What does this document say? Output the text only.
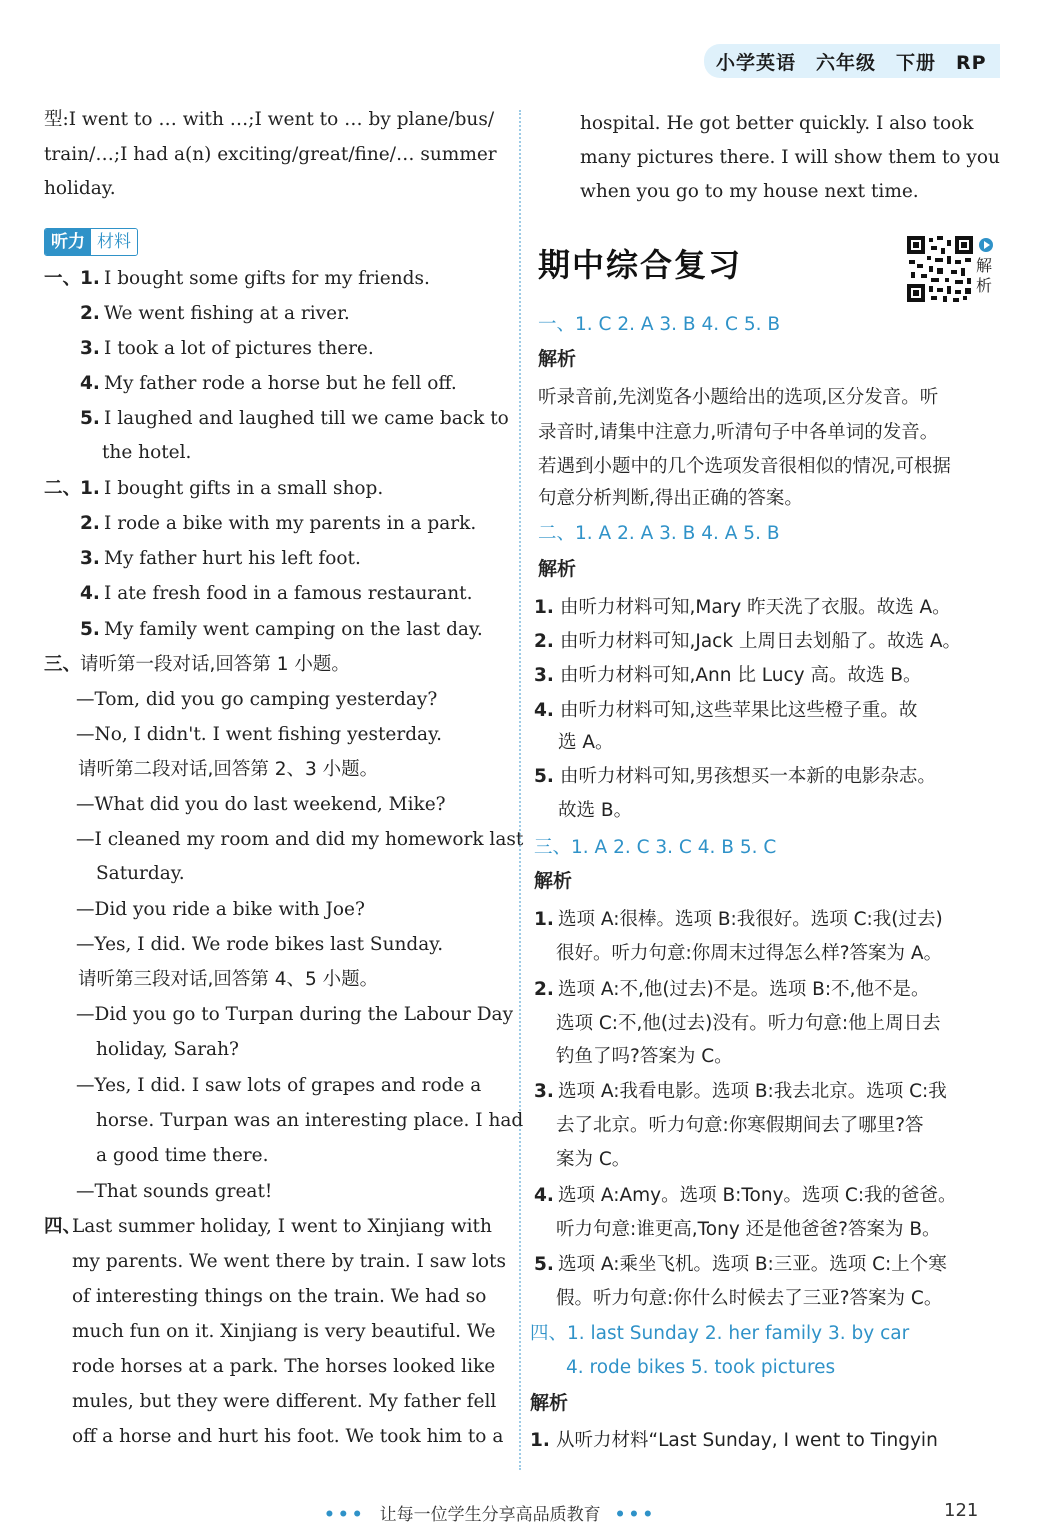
小学英语 六年级 下册 RP
型:I went to … with …;I went to … by plane/bus/
train/…;I had a(n) exciting/great/fine/… summer
holiday.
听力 材料
一、
1. I bought some gifts for my friends.
2. We went fishing at a river.
3. I took a lot of pictures there.
4. My father rode a horse but he fell off.
5. I laughed and laughed till we came back to
the hotel.
二、
1. I bought gifts in a small shop.
2. I rode a bike with my parents in a park.
3. My father hurt his left foot.
4. I ate fresh food in a famous restaurant.
5. My family went camping on the last day.
三、
请听第一段对话,回答第 1 小题。
—Tom, did you go camping yesterday?
—No, I didn't. I went fishing yesterday.
请听第二段对话,回答第 2、3 小题。
—What did you do last weekend, Mike?
—I cleaned my room and did my homework last
Saturday.
—Did you ride a bike with Joe?
—Yes, I did. We rode bikes last Sunday.
请听第三段对话,回答第 4、5 小题。
—Did you go to Turpan during the Labour Day
holiday, Sarah?
—Yes, I did. I saw lots of grapes and rode a
horse. Turpan was an interesting place. I had
a good time there.
—That sounds great!
四、
Last summer holiday, I went to Xinjiang with
my parents. We went there by train. I saw lots
of interesting things on the train. We had so
much fun on it. Xinjiang is very beautiful. We
rode horses at a park. The horses looked like
mules, but they were different. My father fell
off a horse and hurt his foot. We took him to a
hospital. He got better quickly. I also took
many pictures there. I will show them to you
when you go to my house next time.
期中综合复习	解析
一、1. C 2. A 3. B 4. C 5. B
解析
听录音前,先浏览各小题给出的选项,区分发音。听
录音时,请集中注意力,听清句子中各单词的发音。
若遇到小题中的几个选项发音很相似的情况,可根据
句意分析判断,得出正确的答案。
二、1. A 2. A 3. B 4. A 5. B
解析
1. 由听力材料可知,Mary 昨天洗了衣服。故选 A。
2. 由听力材料可知,Jack 上周日去划船了。故选 A。
3. 由听力材料可知,Ann 比 Lucy 高。故选 B。
4. 由听力材料可知,这些苹果比这些橙子重。故
选 A。
5. 由听力材料可知,男孩想买一本新的电影杂志。
故选 B。
三、1. A 2. C 3. C 4. B 5. C
解析
1. 选项 A:很棒。选项 B:我很好。选项 C:我(过去)
很好。听力句意:你周末过得怎么样?答案为 A。
2. 选项 A:不,他(过去)不是。选项 B:不,他不是。
选项 C:不,他(过去)没有。听力句意:他上周日去
钓鱼了吗?答案为 C。
3. 选项 A:我看电影。选项 B:我去北京。选项 C:我
去了北京。听力句意:你寒假期间去了哪里?答
案为 C。
4. 选项 A:Amy。选项 B:Tony。选项 C:我的爸爸。
听力句意:谁更高,Tony 还是他爸爸?答案为 B。
5. 选项 A:乘坐飞机。选项 B:三亚。选项 C:上个寒
假。听力句意:你什么时候去了三亚?答案为 C。
四、1. last Sunday 2. her family 3. by car
4. rode bikes 5. took pictures
解析
1. 从听力材料“Last Sunday, I went to Tingyin
••• 让每一位学生分享高品质教育 •••	121
